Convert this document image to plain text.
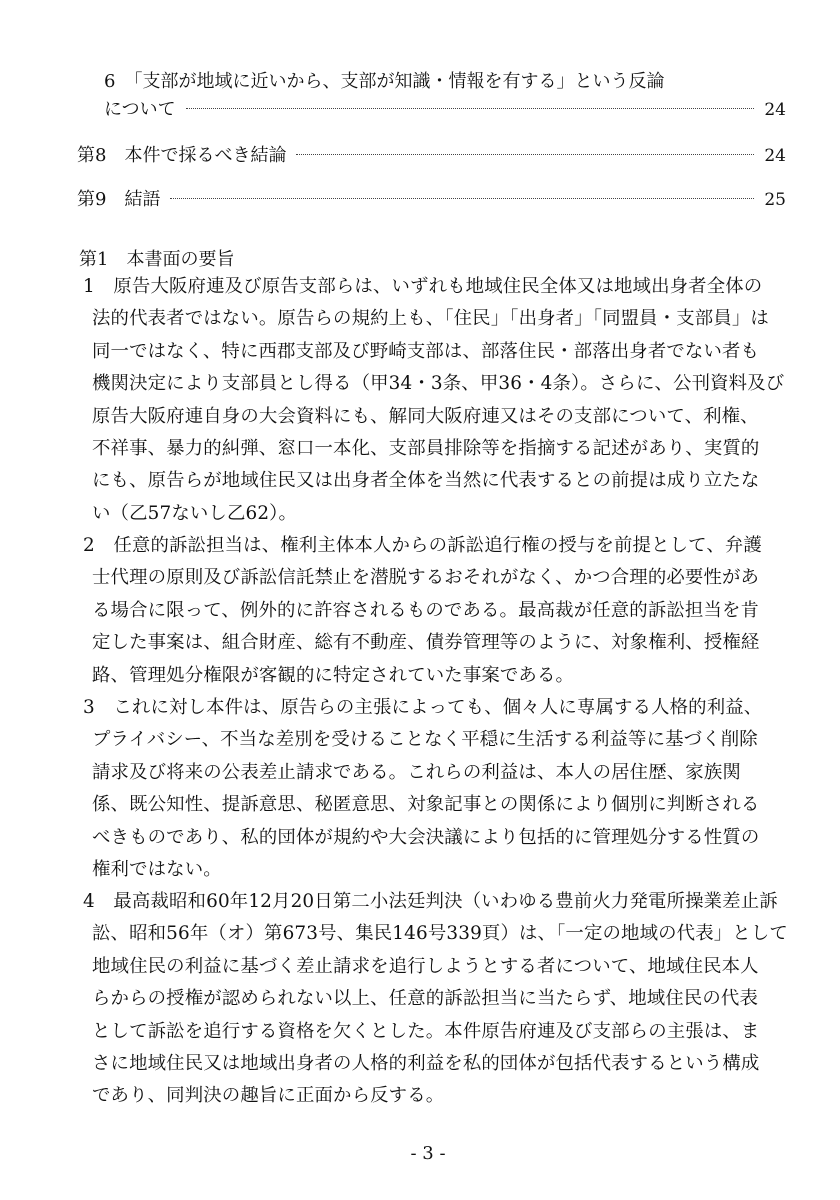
6　「支部が地域に近いから、支部が知識・情報を有する」という反論
について	24
第8　本件で採るべき結論	24
第9　結語	25
第1　本書面の要旨
1　原告大阪府連及び原告支部らは、いずれも地域住民全体又は地域出身者全体の
法的代表者ではない。原告らの規約上も、「住民」「出身者」「同盟員・支部員」は
同一ではなく、特に西郡支部及び野崎支部は、部落住民・部落出身者でない者も
機関決定により支部員とし得る（甲34・3条、甲36・4条）。さらに、公刊資料及び
原告大阪府連自身の大会資料にも、解同大阪府連又はその支部について、利権、
不祥事、暴力的糾弾、窓口一本化、支部員排除等を指摘する記述があり、実質的
にも、原告らが地域住民又は出身者全体を当然に代表するとの前提は成り立たな
い（乙57ないし乙62）。
2　任意的訴訟担当は、権利主体本人からの訴訟追行権の授与を前提として、弁護
士代理の原則及び訴訟信託禁止を潜脱するおそれがなく、かつ合理的必要性があ
る場合に限って、例外的に許容されるものである。最高裁が任意的訴訟担当を肯
定した事案は、組合財産、総有不動産、債券管理等のように、対象権利、授権経
路、管理処分権限が客観的に特定されていた事案である。
3　これに対し本件は、原告らの主張によっても、個々人に専属する人格的利益、
プライバシー、不当な差別を受けることなく平穏に生活する利益等に基づく削除
請求及び将来の公表差止請求である。これらの利益は、本人の居住歴、家族関
係、既公知性、提訴意思、秘匿意思、対象記事との関係により個別に判断される
べきものであり、私的団体が規約や大会決議により包括的に管理処分する性質の
権利ではない。
4　最高裁昭和60年12月20日第二小法廷判決（いわゆる豊前火力発電所操業差止訴
訟、昭和56年（オ）第673号、集民146号339頁）は、「一定の地域の代表」として
地域住民の利益に基づく差止請求を追行しようとする者について、地域住民本人
らからの授権が認められない以上、任意的訴訟担当に当たらず、地域住民の代表
として訴訟を追行する資格を欠くとした。本件原告府連及び支部らの主張は、ま
さに地域住民又は地域出身者の人格的利益を私的団体が包括代表するという構成
であり、同判決の趣旨に正面から反する。
- 3 -
